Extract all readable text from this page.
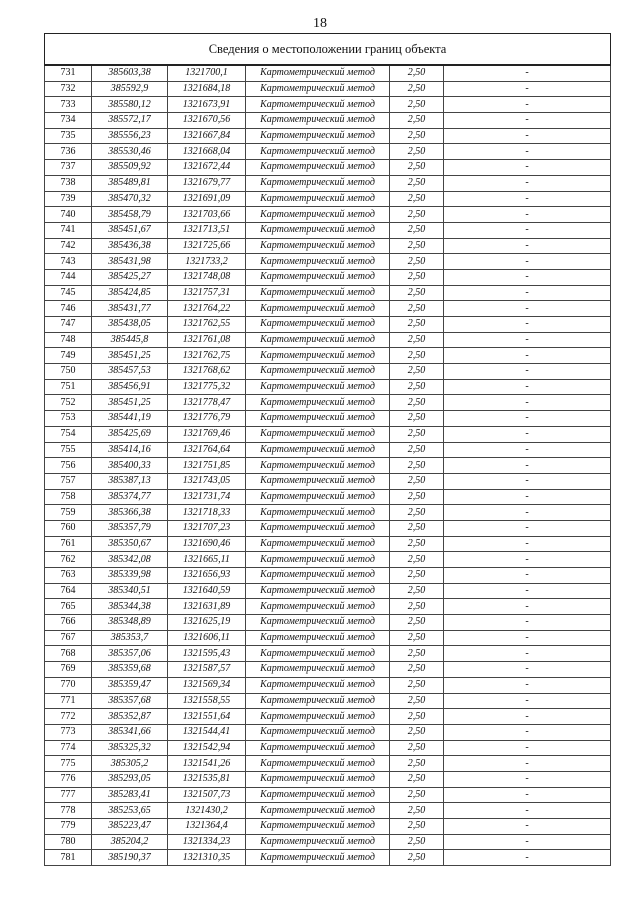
18
Сведения о местоположении границ объекта					
731	385603,38	1321700,1	Картометрический метод	2,50	-
732	385592,9	1321684,18	Картометрический метод	2,50	-
733	385580,12	1321673,91	Картометрический метод	2,50	-
734	385572,17	1321670,56	Картометрический метод	2,50	-
735	385556,23	1321667,84	Картометрический метод	2,50	-
736	385530,46	1321668,04	Картометрический метод	2,50	-
737	385509,92	1321672,44	Картометрический метод	2,50	-
738	385489,81	1321679,77	Картометрический метод	2,50	-
739	385470,32	1321691,09	Картометрический метод	2,50	-
740	385458,79	1321703,66	Картометрический метод	2,50	-
741	385451,67	1321713,51	Картометрический метод	2,50	-
742	385436,38	1321725,66	Картометрический метод	2,50	-
743	385431,98	1321733,2	Картометрический метод	2,50	-
744	385425,27	1321748,08	Картометрический метод	2,50	-
745	385424,85	1321757,31	Картометрический метод	2,50	-
746	385431,77	1321764,22	Картометрический метод	2,50	-
747	385438,05	1321762,55	Картометрический метод	2,50	-
748	385445,8	1321761,08	Картометрический метод	2,50	-
749	385451,25	1321762,75	Картометрический метод	2,50	-
750	385457,53	1321768,62	Картометрический метод	2,50	-
751	385456,91	1321775,32	Картометрический метод	2,50	-
752	385451,25	1321778,47	Картометрический метод	2,50	-
753	385441,19	1321776,79	Картометрический метод	2,50	-
754	385425,69	1321769,46	Картометрический метод	2,50	-
755	385414,16	1321764,64	Картометрический метод	2,50	-
756	385400,33	1321751,85	Картометрический метод	2,50	-
757	385387,13	1321743,05	Картометрический метод	2,50	-
758	385374,77	1321731,74	Картометрический метод	2,50	-
759	385366,38	1321718,33	Картометрический метод	2,50	-
760	385357,79	1321707,23	Картометрический метод	2,50	-
761	385350,67	1321690,46	Картометрический метод	2,50	-
762	385342,08	1321665,11	Картометрический метод	2,50	-
763	385339,98	1321656,93	Картометрический метод	2,50	-
764	385340,51	1321640,59	Картометрический метод	2,50	-
765	385344,38	1321631,89	Картометрический метод	2,50	-
766	385348,89	1321625,19	Картометрический метод	2,50	-
767	385353,7	1321606,11	Картометрический метод	2,50	-
768	385357,06	1321595,43	Картометрический метод	2,50	-
769	385359,68	1321587,57	Картометрический метод	2,50	-
770	385359,47	1321569,34	Картометрический метод	2,50	-
771	385357,68	1321558,55	Картометрический метод	2,50	-
772	385352,87	1321551,64	Картометрический метод	2,50	-
773	385341,66	1321544,41	Картометрический метод	2,50	-
774	385325,32	1321542,94	Картометрический метод	2,50	-
775	385305,2	1321541,26	Картометрический метод	2,50	-
776	385293,05	1321535,81	Картометрический метод	2,50	-
777	385283,41	1321507,73	Картометрический метод	2,50	-
778	385253,65	1321430,2	Картометрический метод	2,50	-
779	385223,47	1321364,4	Картометрический метод	2,50	-
780	385204,2	1321334,23	Картометрический метод	2,50	-
781	385190,37	1321310,35	Картометрический метод	2,50	-
